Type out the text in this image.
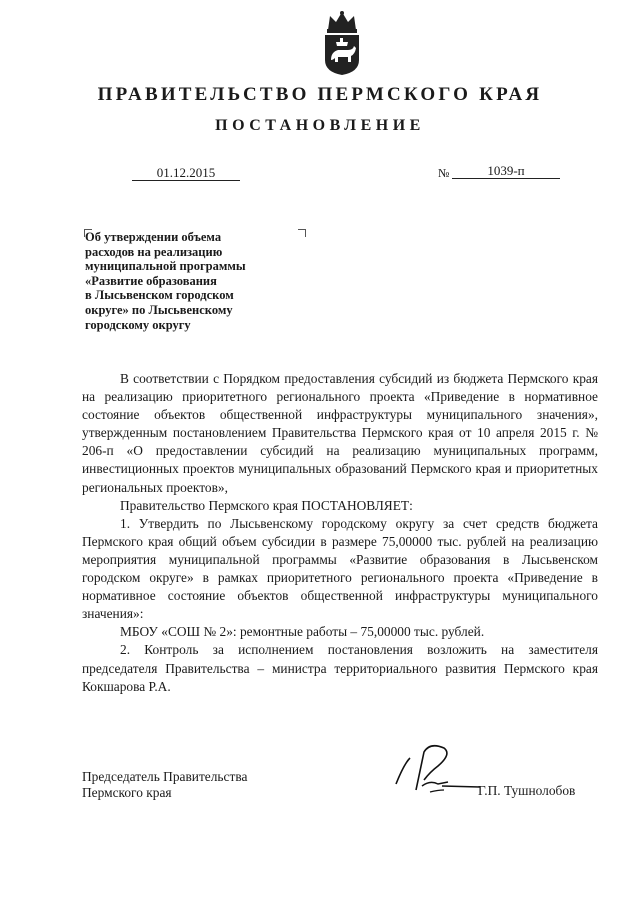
ПРАВИТЕЛЬСТВО ПЕРМСКОГО КРАЯ
ПОСТАНОВЛЕНИЕ
01.12.2015	№	1039-п
Об утверждении объема
расходов на реализацию
муниципальной программы
«Развитие образования
в Лысьвенском городском
округе» по Лысьвенскому
городскому округу

В соответствии с Порядком предоставления субсидий из бюджета Пермского края на реализацию приоритетного регионального проекта «Приведение в нормативное состояние объектов общественной инфраструктуры муниципального значения», утвержденным постановлением Правительства Пермского края от 10 апреля 2015 г. № 206-п «О предоставлении субсидий на реализацию муниципальных программ, инвестиционных проектов муниципальных образований Пермского края и приоритетных региональных проектов»,

Правительство Пермского края ПОСТАНОВЛЯЕТ:

1. Утвердить по Лысьвенскому городскому округу за счет средств бюджета Пермского края общий объем субсидии в размере 75,00000 тыс. рублей на реализацию мероприятия муниципальной программы «Развитие образования в Лысьвенском городском округе» в рамках приоритетного регионального проекта «Приведение в нормативное состояние объектов общественной инфраструктуры муниципального значения»:

МБОУ «СОШ № 2»: ремонтные работы – 75,00000 тыс. рублей.

2. Контроль за исполнением постановления возложить на заместителя председателя Правительства – министра территориального развития Пермского края Кокшарова Р.А.

Председатель Правительства
Пермского края	Г.П. Тушнолобов
